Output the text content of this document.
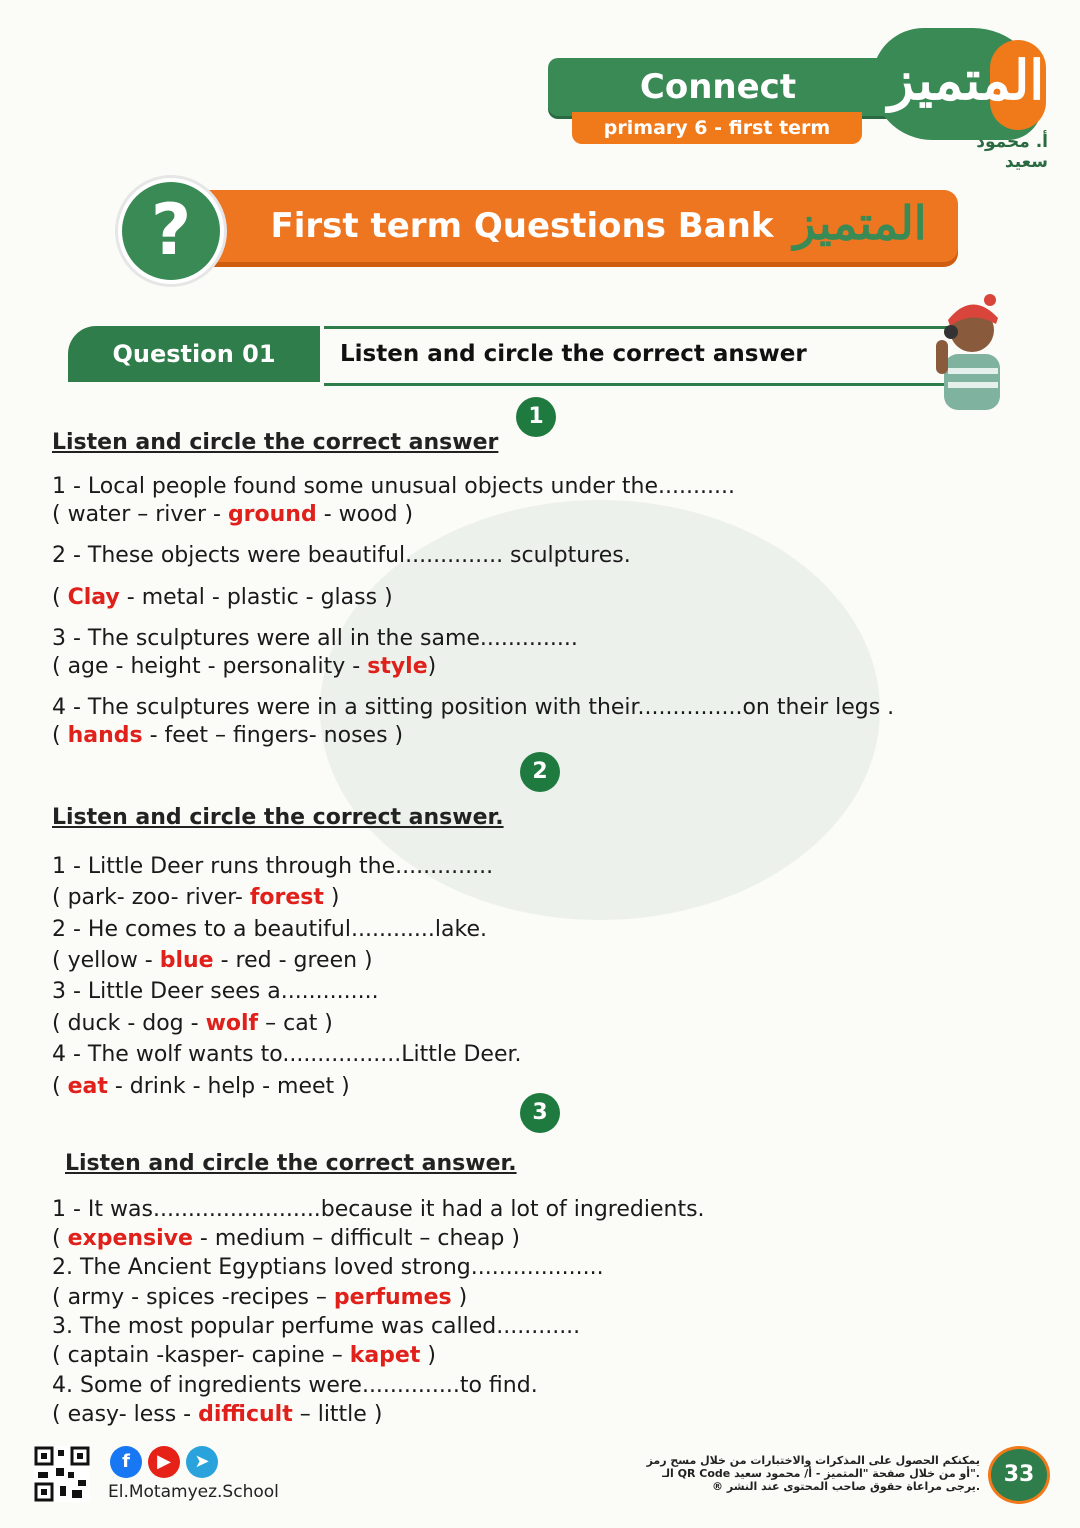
Connect
primary 6 - first term
المتميز
أ. محمود سعيد
First term Questions Bank
?	المتميز
Question 01	Listen and circle the correct answer
1
Listen and circle the correct answer
1 - Local people found some unusual objects under the...........
( water – river - ground - wood )
2 - These objects were beautiful.............. sculptures.
( Clay - metal - plastic - glass )
3 - The sculptures were all in the same..............
( age - height - personality - style)
4 - The sculptures were in a sitting position with their...............on their legs .
( hands - feet – fingers- noses )
2
Listen and circle the correct answer.
1 - Little Deer runs through the..............
( park- zoo- river- forest )
2 - He comes to a beautiful............lake.
( yellow - blue - red - green )
3 - Little Deer sees a..............
( duck - dog - wolf – cat )
4 - The wolf wants to.................Little Deer.
( eat - drink - help - meet )
3
Listen and circle the correct answer.
1 - It was........................because it had a lot of ingredients.
( expensive - medium – difficult – cheap )
2. The Ancient Egyptians loved strong...................
( army - spices -recipes – perfumes )
3. The most popular perfume was called............
( captain -kasper- capine – kapet )
4. Some of ingredients were..............to find.
( easy- less - difficult – little )
f	▶	➤
El.Motamyez.School
يمكنكم الحصول على المذكرات والاختبارات من خلال مسح رمز
الـ QR Code أو من خلال صفحة "المتميز - أ/ محمود سعيد".
® يرجى مراعاة حقوق صاحب المحتوى عند النشر.	33
